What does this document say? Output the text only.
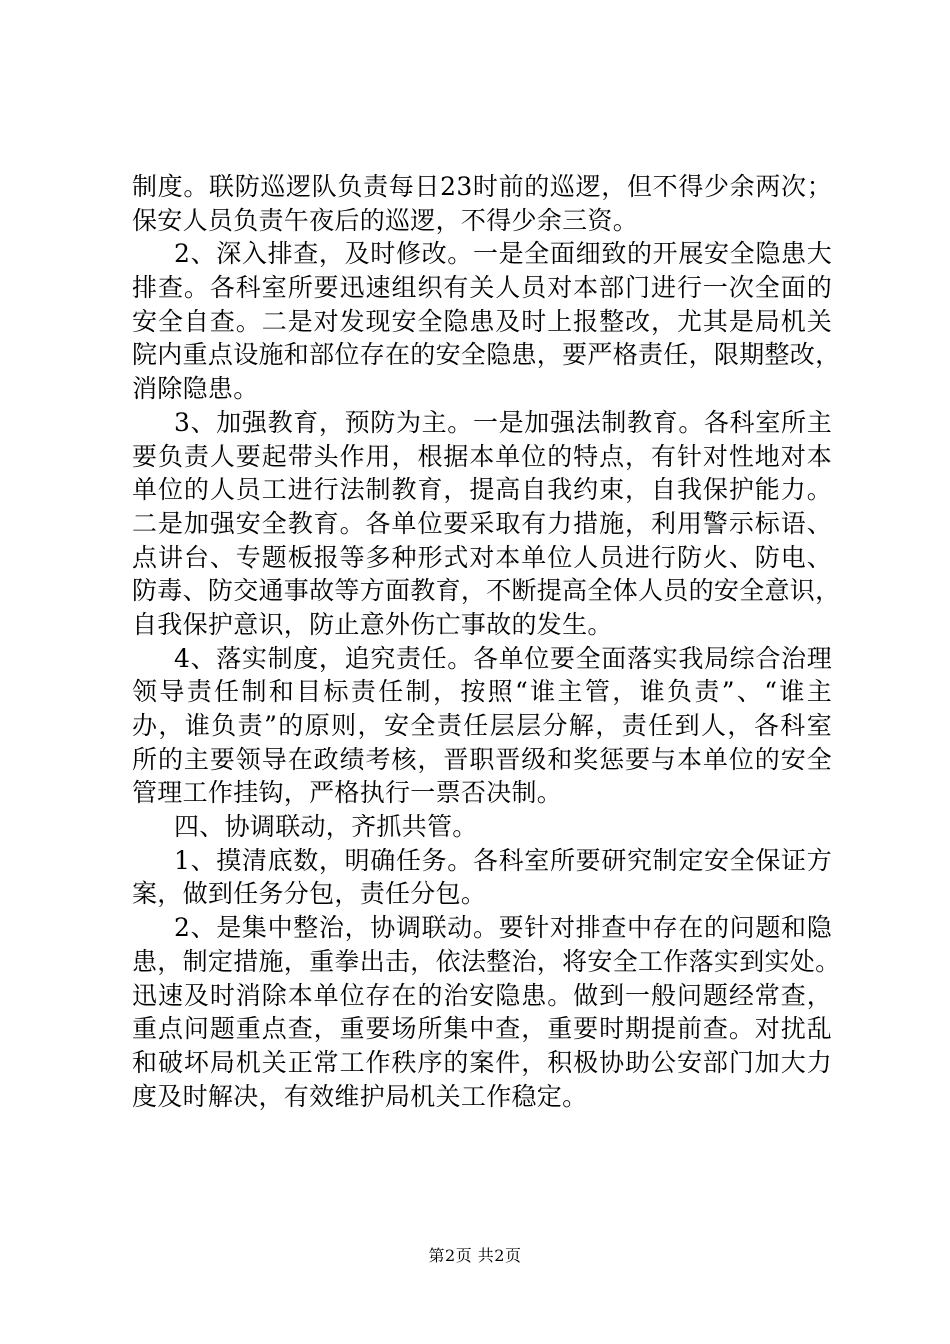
制度。联防巡逻队负责每日23时前的巡逻，但不得少余两次；

保安人员负责午夜后的巡逻，不得少余三资。

2、深入排查，及时修改。一是全面细致的开展安全隐患大

排查。各科室所要迅速组织有关人员对本部门进行一次全面的

安全自查。二是对发现安全隐患及时上报整改，尤其是局机关

院内重点设施和部位存在的安全隐患，要严格责任，限期整改，

消除隐患。

3、加强教育，预防为主。一是加强法制教育。各科室所主

要负责人要起带头作用，根据本单位的特点，有针对性地对本

单位的人员工进行法制教育，提高自我约束，自我保护能力。

二是加强安全教育。各单位要采取有力措施，利用警示标语、

点讲台、专题板报等多种形式对本单位人员进行防火、防电、

防毒、防交通事故等方面教育，不断提高全体人员的安全意识，

自我保护意识，防止意外伤亡事故的发生。

4、落实制度，追究责任。各单位要全面落实我局综合治理

领导责任制和目标责任制，按照“谁主管，谁负责”、“谁主

办，谁负责”的原则，安全责任层层分解，责任到人，各科室

所的主要领导在政绩考核，晋职晋级和奖惩要与本单位的安全

管理工作挂钩，严格执行一票否决制。

四、协调联动，齐抓共管。

1、摸清底数，明确任务。各科室所要研究制定安全保证方

案，做到任务分包，责任分包。

2、是集中整治，协调联动。要针对排查中存在的问题和隐

患，制定措施，重拳出击，依法整治，将安全工作落实到实处。

迅速及时消除本单位存在的治安隐患。做到一般问题经常查，

重点问题重点查，重要场所集中查，重要时期提前查。对扰乱

和破坏局机关正常工作秩序的案件，积极协助公安部门加大力

度及时解决，有效维护局机关工作稳定。

第2页 共2页
